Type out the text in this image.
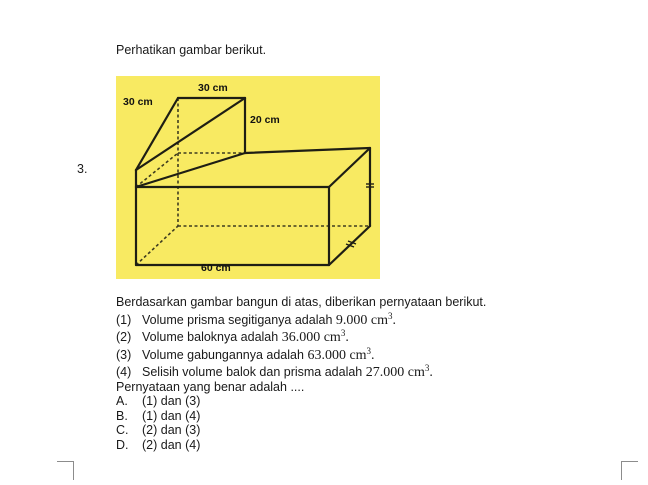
Perhatikan gambar berikut.
3.
30 cm
30 cm
20 cm
60 cm
Berdasarkan gambar bangun di atas, diberikan pernyataan berikut.
(1) Volume prisma segitiganya adalah
9.000 $cm^3$.
(2) Volume baloknya adalah
36.000 $cm^3$.
(3) Volume gabungannya adalah
63.000 $cm^3$.
(4) Selisih volume balok dan prisma adalah
27.000 $cm^3$.
Pernyataan yang benar adalah ....
A.	(1) dan (3)
B.	(1) dan (4)
C.	(2) dan (3)
D.	(2) dan (4)
